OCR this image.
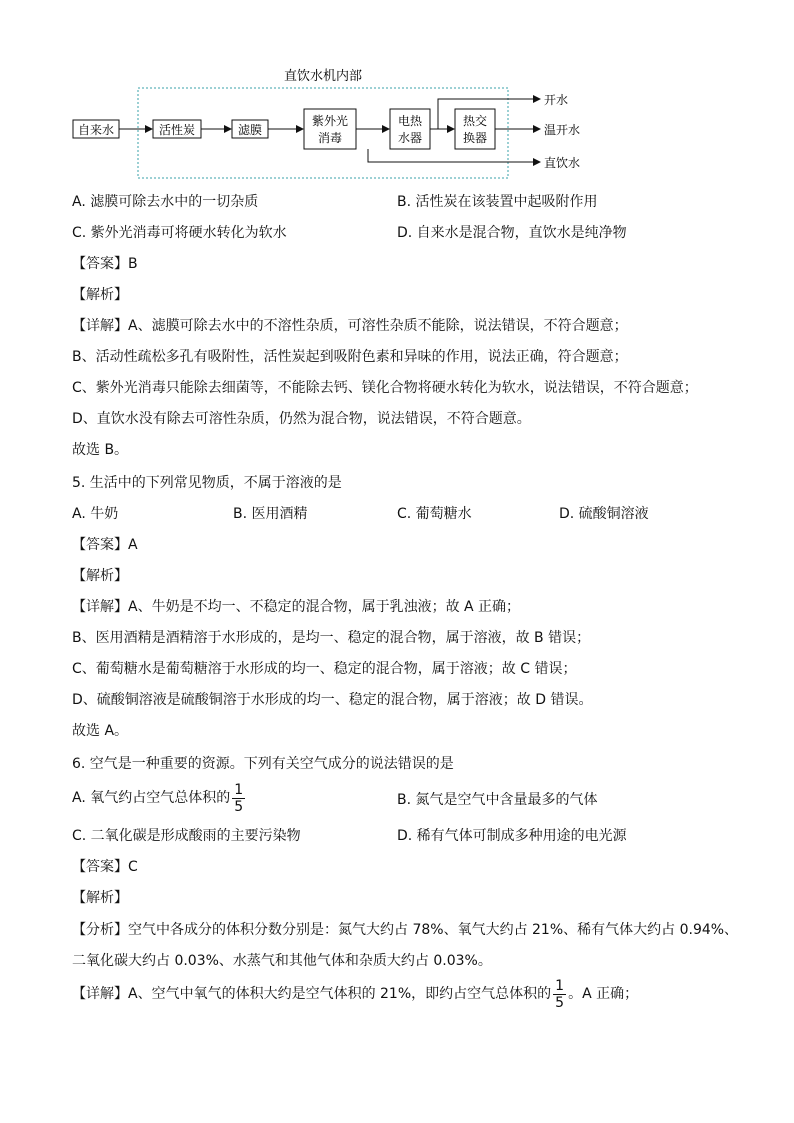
直饮水机内部
自来水	活性炭	滤膜
紫外光
消毒
电热
水器
热交
换器
开水
温开水
直饮水
A. 滤膜可除去水中的一切杂质	B. 活性炭在该装置中起吸附作用
C. 紫外光消毒可将硬水转化为软水	D. 自来水是混合物，直饮水是纯净物
【答案】B
【解析】
【详解】A、滤膜可除去水中的不溶性杂质，可溶性杂质不能除，说法错误，不符合题意；
B、活动性疏松多孔有吸附性，活性炭起到吸附色素和异味的作用，说法正确，符合题意；
C、紫外光消毒只能除去细菌等，不能除去钙、镁化合物将硬水转化为软水，说法错误，不符合题意；
D、直饮水没有除去可溶性杂质，仍然为混合物，说法错误，不符合题意。
故选 B。
5. 生活中的下列常见物质，不属于溶液的是
A. 牛奶	B. 医用酒精	C. 葡萄糖水	D. 硫酸铜溶液
【答案】A
【解析】
【详解】A、牛奶是不均一、不稳定的混合物，属于乳浊液；故 A 正确；
B、医用酒精是酒精溶于水形成的，是均一、稳定的混合物，属于溶液，故 B 错误；
C、葡萄糖水是葡萄糖溶于水形成的均一、稳定的混合物，属于溶液；故 C 错误；
D、硫酸铜溶液是硫酸铜溶于水形成的均一、稳定的混合物，属于溶液；故 D 错误。
故选 A。
6. 空气是一种重要的资源。下列有关空气成分的说法错误的是
A. 氧气约占空气总体积的 $\frac{1}{5}$	B. 氮气是空气中含量最多的气体
C. 二氧化碳是形成酸雨的主要污染物	D. 稀有气体可制成多种用途的电光源
【答案】C
【解析】
【分析】空气中各成分的体积分数分别是：氮气大约占 78%、氧气大约占 21%、稀有气体大约占 0.94%、
二氧化碳大约占 0.03%、水蒸气和其他气体和杂质大约占 0.03%。
【详解】A、空气中氧气的体积大约是空气体积的 21%，即约占空气总体积的 $\frac{1}{5}$ 。A 正确；
